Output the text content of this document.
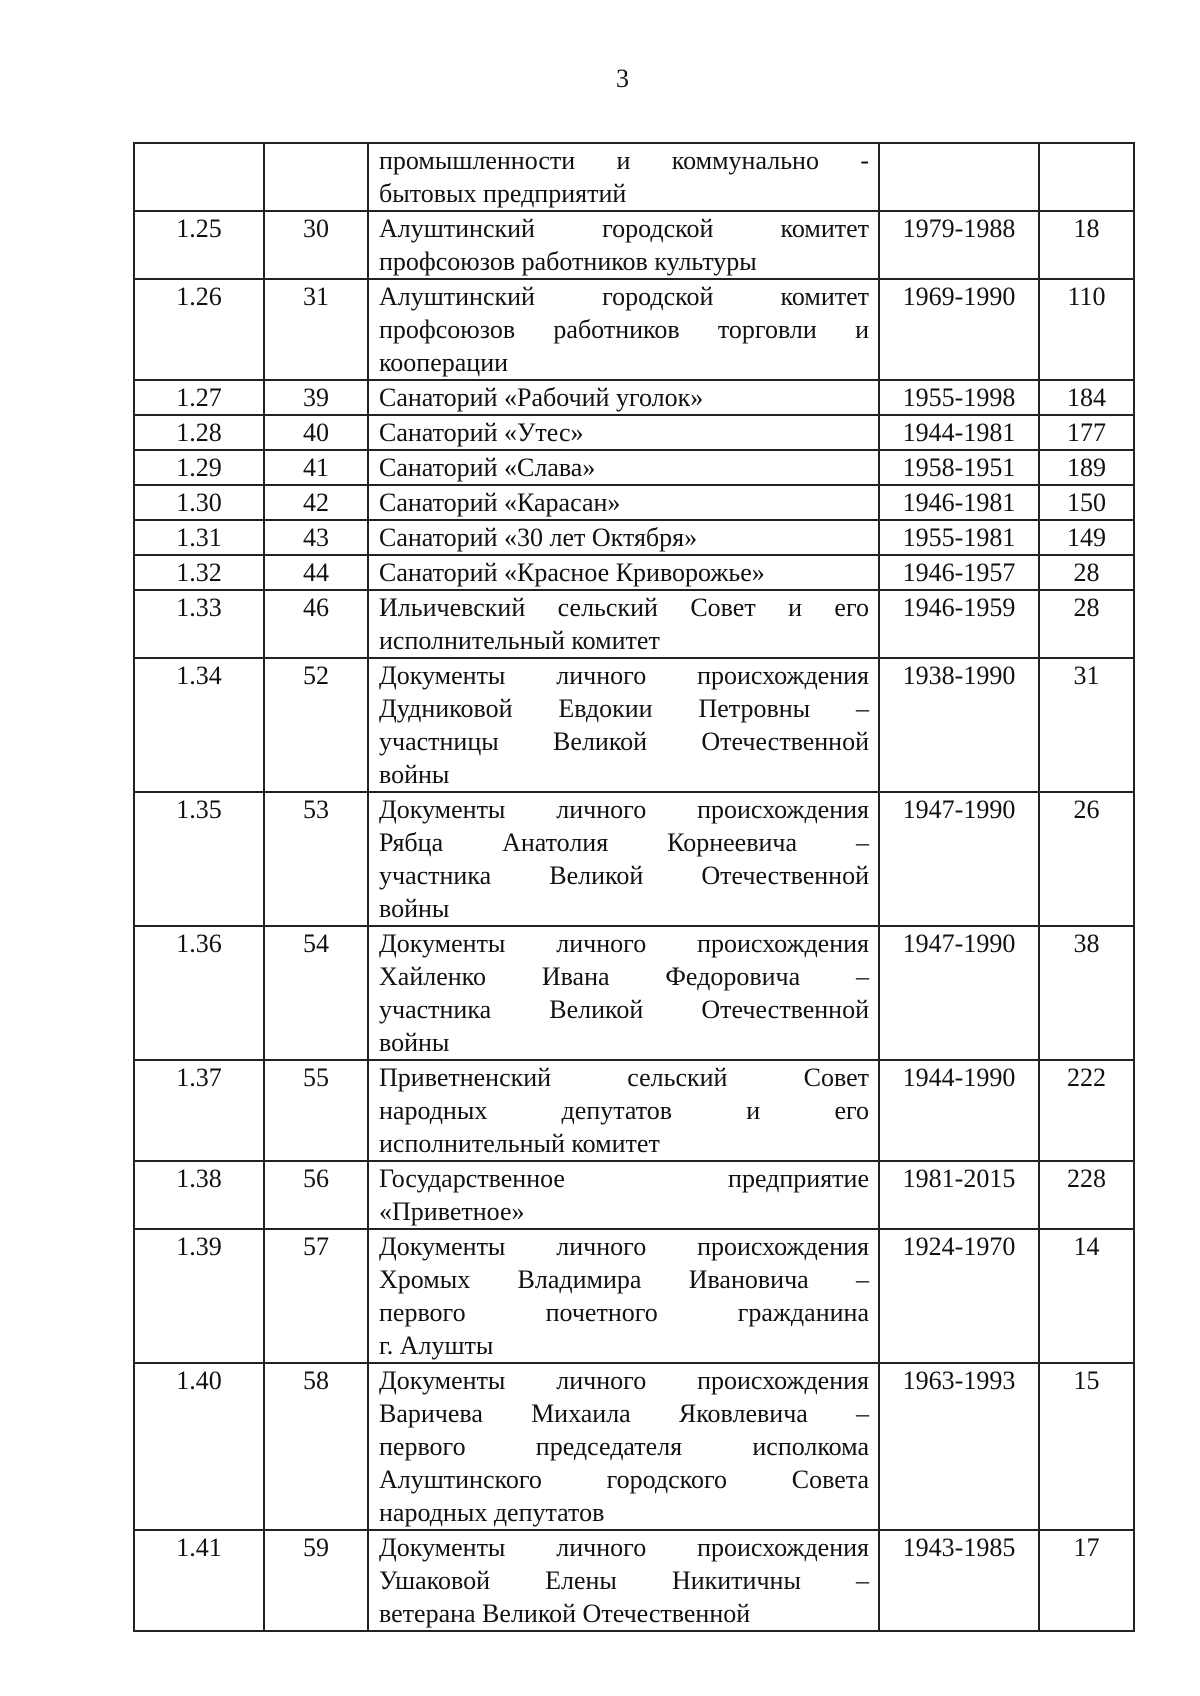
3

		промышленности и коммунально -
бытовых предприятий		

1.25	30	Алуштинский городской комитет
профсоюзов работников культуры	1979-1988	18
1.26	31	Алуштинский городской комитет
профсоюзов работников торговли и
кооперации	1969-1990	110
1.27	39	Санаторий «Рабочий уголок»	1955-1998	184
1.28	40	Санаторий «Утес»	1944-1981	177
1.29	41	Санаторий «Слава»	1958-1951	189
1.30	42	Санаторий «Карасан»	1946-1981	150
1.31	43	Санаторий «30 лет Октября»	1955-1981	149
1.32	44	Санаторий «Красное Криворожье»	1946-1957	28
1.33	46	Ильичевский сельский Совет и его
исполнительный комитет	1946-1959	28
1.34	52	Документы личного происхождения
Дудниковой Евдокии Петровны –
участницы Великой Отечественной
войны	1938-1990	31
1.35	53	Документы личного происхождения
Рябца Анатолия Корнеевича –
участника Великой Отечественной
войны	1947-1990	26
1.36	54	Документы личного происхождения
Хайленко Ивана Федоровича –
участника Великой Отечественной
войны	1947-1990	38
1.37	55	Приветненский сельский Совет
народных депутатов и его
исполнительный комитет	1944-1990	222
1.38	56	Государственное предприятие
«Приветное»	1981-2015	228
1.39	57	Документы личного происхождения
Хромых Владимира Ивановича –
первого почетного гражданина
г. Алушты	1924-1970	14
1.40	58	Документы личного происхождения
Варичева Михаила Яковлевича –
первого председателя исполкома
Алуштинского городского Совета
народных депутатов	1963-1993	15
1.41	59	Документы личного происхождения
Ушаковой Елены Никитичны –
ветерана Великой Отечественной	1943-1985	17
